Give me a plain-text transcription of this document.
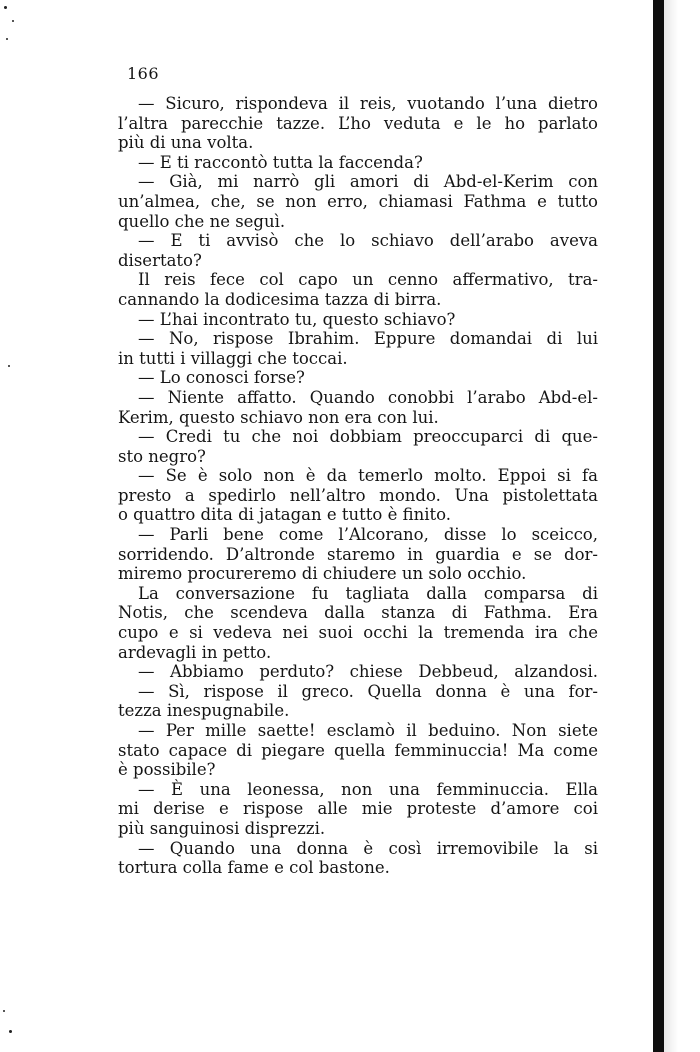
166
— Sicuro, rispondeva il reis, vuotando l’una dietro
l’altra parecchie tazze. L’ho veduta e le ho parlato
più di una volta.
— E ti raccontò tutta la faccenda?
— Già, mi narrò gli amori di Abd-el-Kerim con
un’almea, che, se non erro, chiamasi Fathma e tutto
quello che ne seguì.
— E ti avvisò che lo schiavo dell’arabo aveva
disertato?
Il reis fece col capo un cenno affermativo, tra-
cannando la dodicesima tazza di birra.
— L’hai incontrato tu, questo schiavo?
— No, rispose Ibrahim. Eppure domandai di lui
in tutti i villaggi che toccai.
— Lo conosci forse?
— Niente affatto. Quando conobbi l’arabo Abd-el-
Kerim, questo schiavo non era con lui.
— Credi tu che noi dobbiam preoccuparci di que-
sto negro?
— Se è solo non è da temerlo molto. Eppoi si fa
presto a spedirlo nell’altro mondo. Una pistolettata
o quattro dita di jatagan e tutto è finito.
— Parli bene come l’Alcorano, disse lo sceicco,
sorridendo. D’altronde staremo in guardia e se dor-
miremo procureremo di chiudere un solo occhio.
La conversazione fu tagliata dalla comparsa di
Notis, che scendeva dalla stanza di Fathma. Era
cupo e si vedeva nei suoi occhi la tremenda ira che
ardevagli in petto.
— Abbiamo perduto? chiese Debbeud, alzandosi.
— Sì, rispose il greco. Quella donna è una for-
tezza inespugnabile.
— Per mille saette! esclamò il beduino. Non siete
stato capace di piegare quella femminuccia! Ma come
è possibile?
— È una leonessa, non una femminuccia. Ella
mi derise e rispose alle mie proteste d’amore coi
più sanguinosi disprezzi.
— Quando una donna è così irremovibile la si
tortura colla fame e col bastone.
